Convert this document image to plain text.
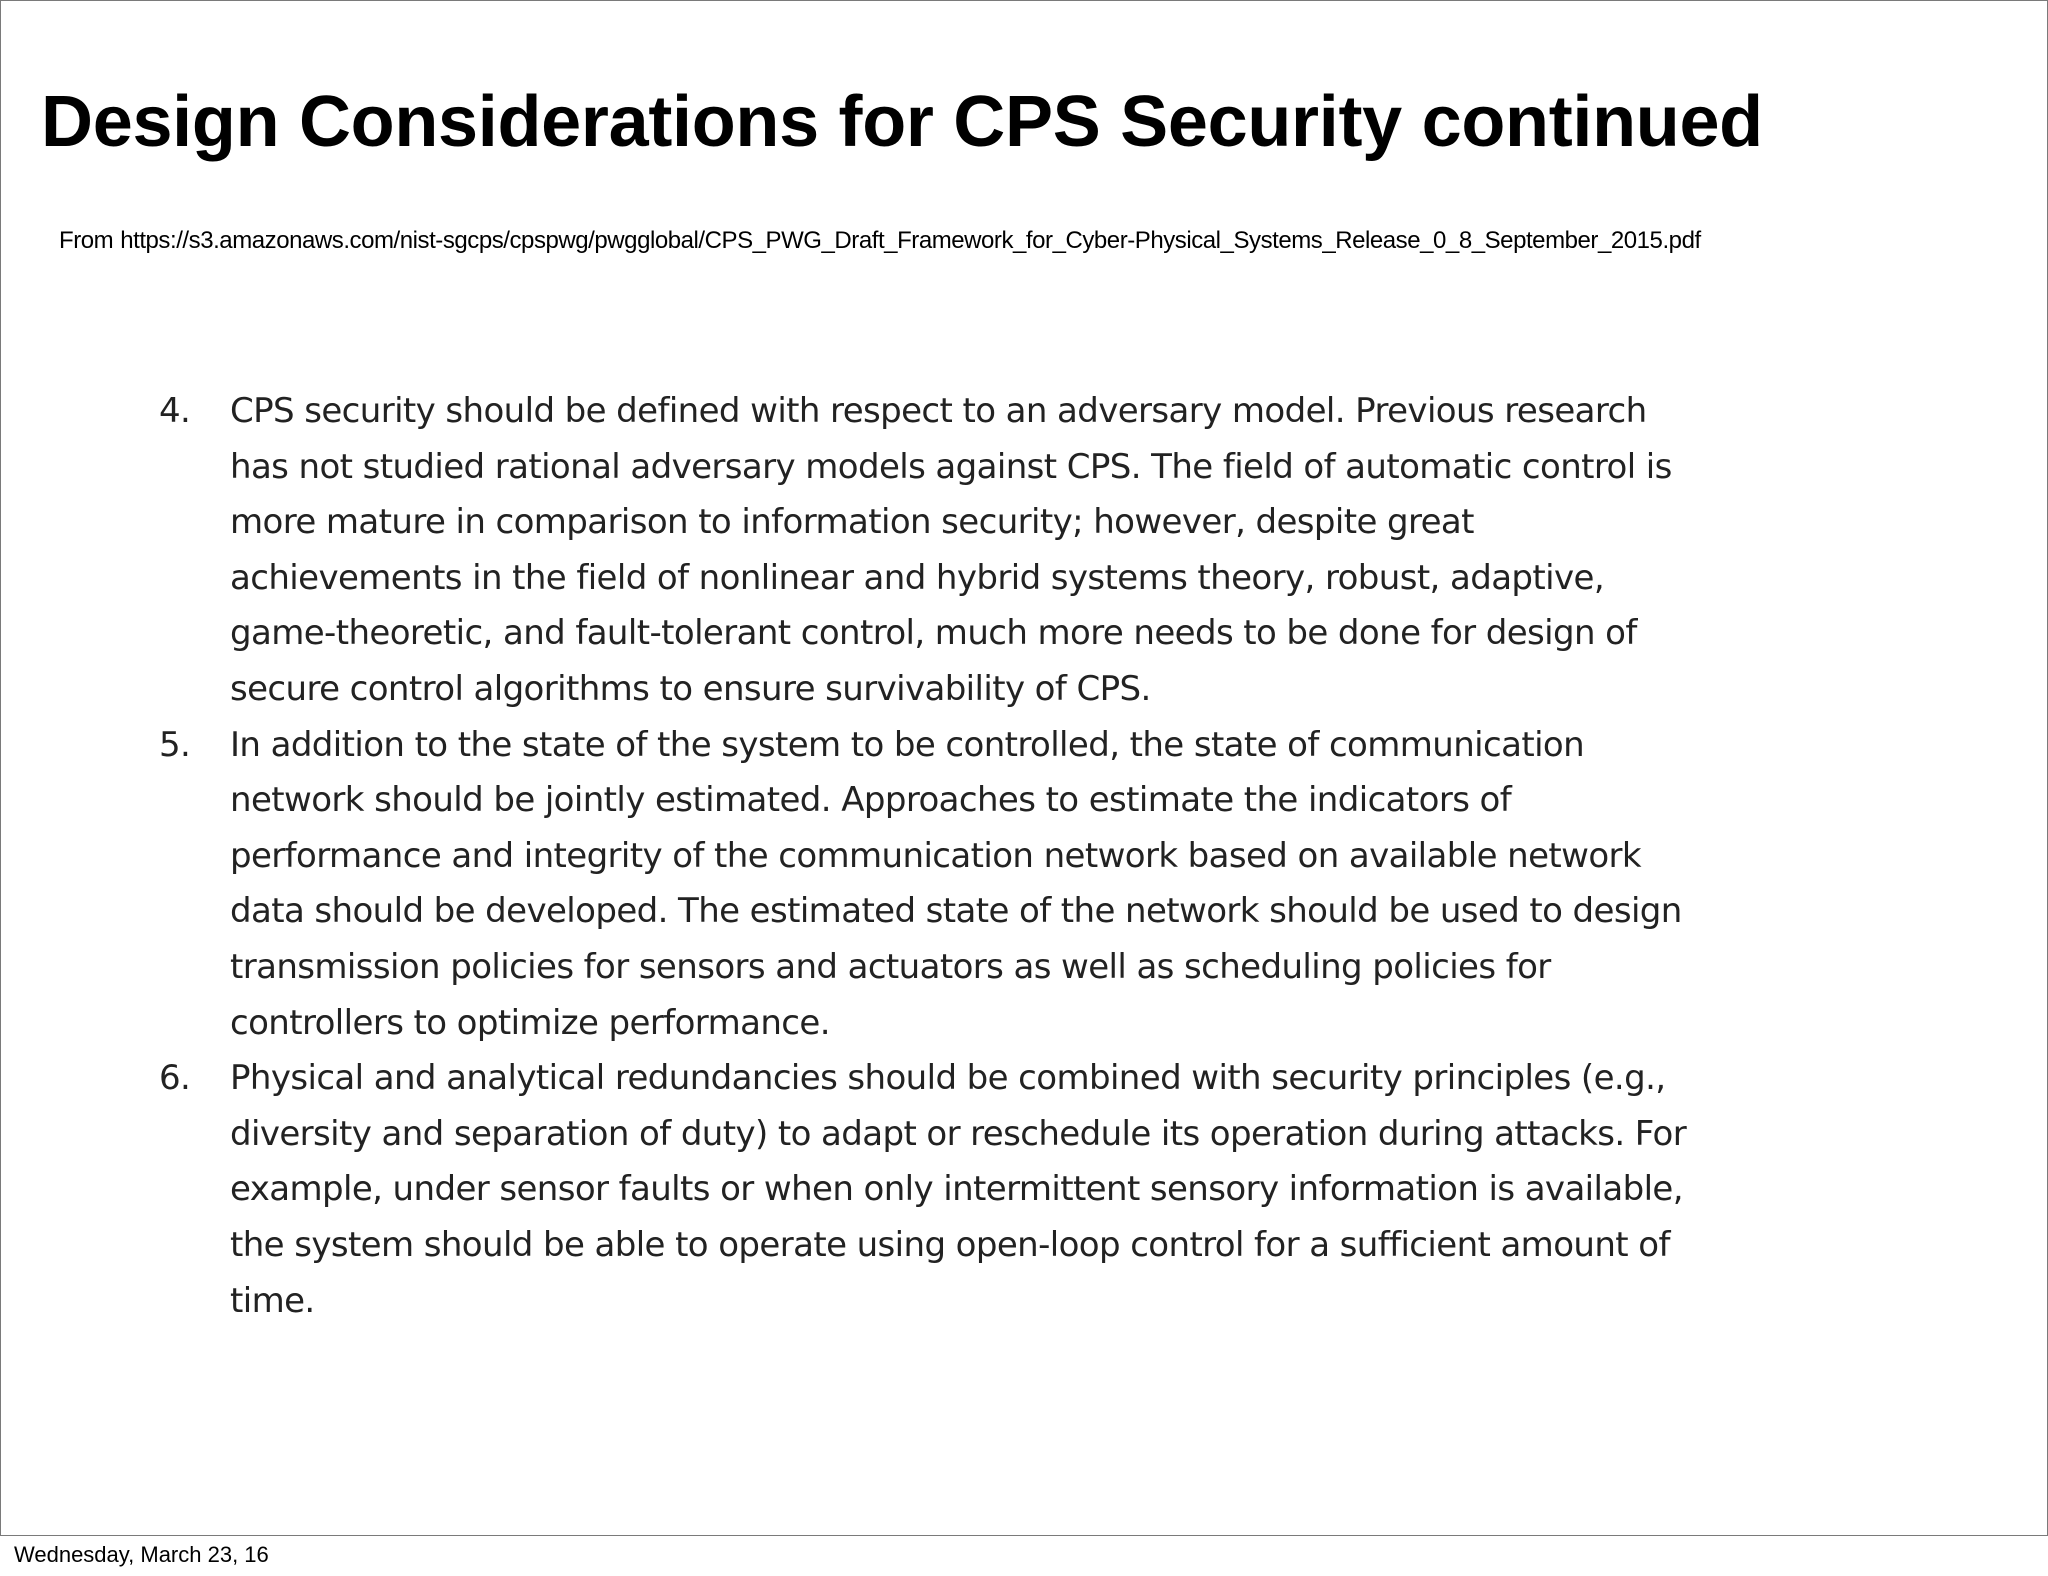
Design Considerations for CPS Security continued

From https://s3.amazonaws.com/nist-sgcps/cpspwg/pwgglobal/CPS_PWG_Draft_Framework_for_Cyber-Physical_Systems_Release_0_8_September_2015.pdf

4. CPS security should be defined with respect to an adversary model. Previous research
has not studied rational adversary models against CPS. The field of automatic control is
more mature in comparison to information security; however, despite great
achievements in the field of nonlinear and hybrid systems theory, robust, adaptive,
game-theoretic, and fault-tolerant control, much more needs to be done for design of
secure control algorithms to ensure survivability of CPS.
5. In addition to the state of the system to be controlled, the state of communication
network should be jointly estimated. Approaches to estimate the indicators of
performance and integrity of the communication network based on available network
data should be developed. The estimated state of the network should be used to design
transmission policies for sensors and actuators as well as scheduling policies for
controllers to optimize performance.
6. Physical and analytical redundancies should be combined with security principles (e.g.,
diversity and separation of duty) to adapt or reschedule its operation during attacks. For
example, under sensor faults or when only intermittent sensory information is available,
the system should be able to operate using open-loop control for a sufficient amount of
time.

Wednesday, March 23, 16
